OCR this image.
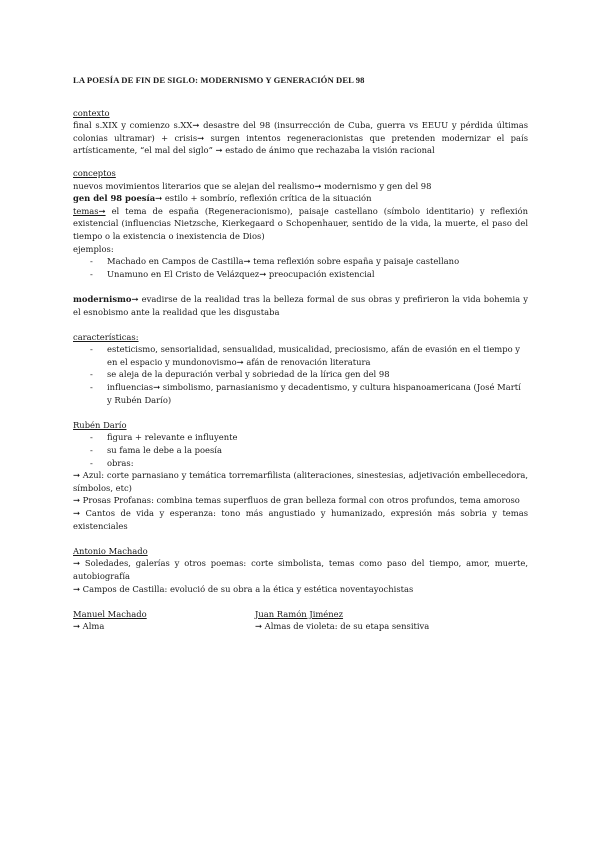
LA POESÍA DE FIN DE SIGLO: MODERNISMO Y GENERACIÓN DEL 98

contexto

final s.XIX y comienzo s.XX➞ desastre del 98 (insurrección de Cuba, guerra vs EEUU y pérdida últimas colonias ultramar) + crisis➞ surgen intentos regeneracionistas que pretenden modernizar el país artísticamente, “el mal del siglo” ➞ estado de ánimo que rechazaba la visión racional

conceptos

nuevos movimientos literarios que se alejan del realismo➞ modernismo y gen del 98

gen del 98 poesía➞ estilo + sombrío, reflexión crítica de la situación

temas➞ el tema de españa (Regeneracionismo), paisaje castellano (símbolo identitario) y reflexión existencial (influencias Nietzsche, Kierkegaard o Schopenhauer, sentido de la vida, la muerte, el paso del tiempo o la existencia o inexistencia de Dios)

ejemplos:

- Machado en Campos de Castilla➞ tema reflexión sobre españa y paisaje castellano
- Unamuno en El Cristo de Velázquez➞ preocupación existencial

modernismo➞ evadirse de la realidad tras la belleza formal de sus obras y prefirieron la vida bohemia y el esnobismo ante la realidad que les disgustaba

características:

- esteticismo, sensorialidad, sensualidad, musicalidad, preciosismo, afán de evasión en el tiempo y en el espacio y mundonovismo➞ afán de renovación literatura
- se aleja de la depuración verbal y sobriedad de la lírica gen del 98
- influencias➞ simbolismo, parnasianismo y decadentismo, y cultura hispanoamericana (José Martí y Rubén Darío)

Rubén Darío

- figura + relevante e influyente
- su fama le debe a la poesía
- obras:

➞ Azul: corte parnasiano y temática torremarfilista (aliteraciones, sinestesias, adjetivación embellecedora, símbolos, etc)

➞ Prosas Profanas: combina temas superfluos de gran belleza formal con otros profundos, tema amoroso

➞ Cantos de vida y esperanza: tono más angustiado y humanizado, expresión más sobria y temas existenciales

Antonio Machado

➞ Soledades, galerías y otros poemas: corte simbolista, temas como paso del tiempo, amor, muerte, autobiografía

➞ Campos de Castilla: evolució de su obra a la ética y estética noventayochistas

Manuel Machado

➞ Alma

Juan Ramón Jiménez

➞ Almas de violeta: de su etapa sensitiva
